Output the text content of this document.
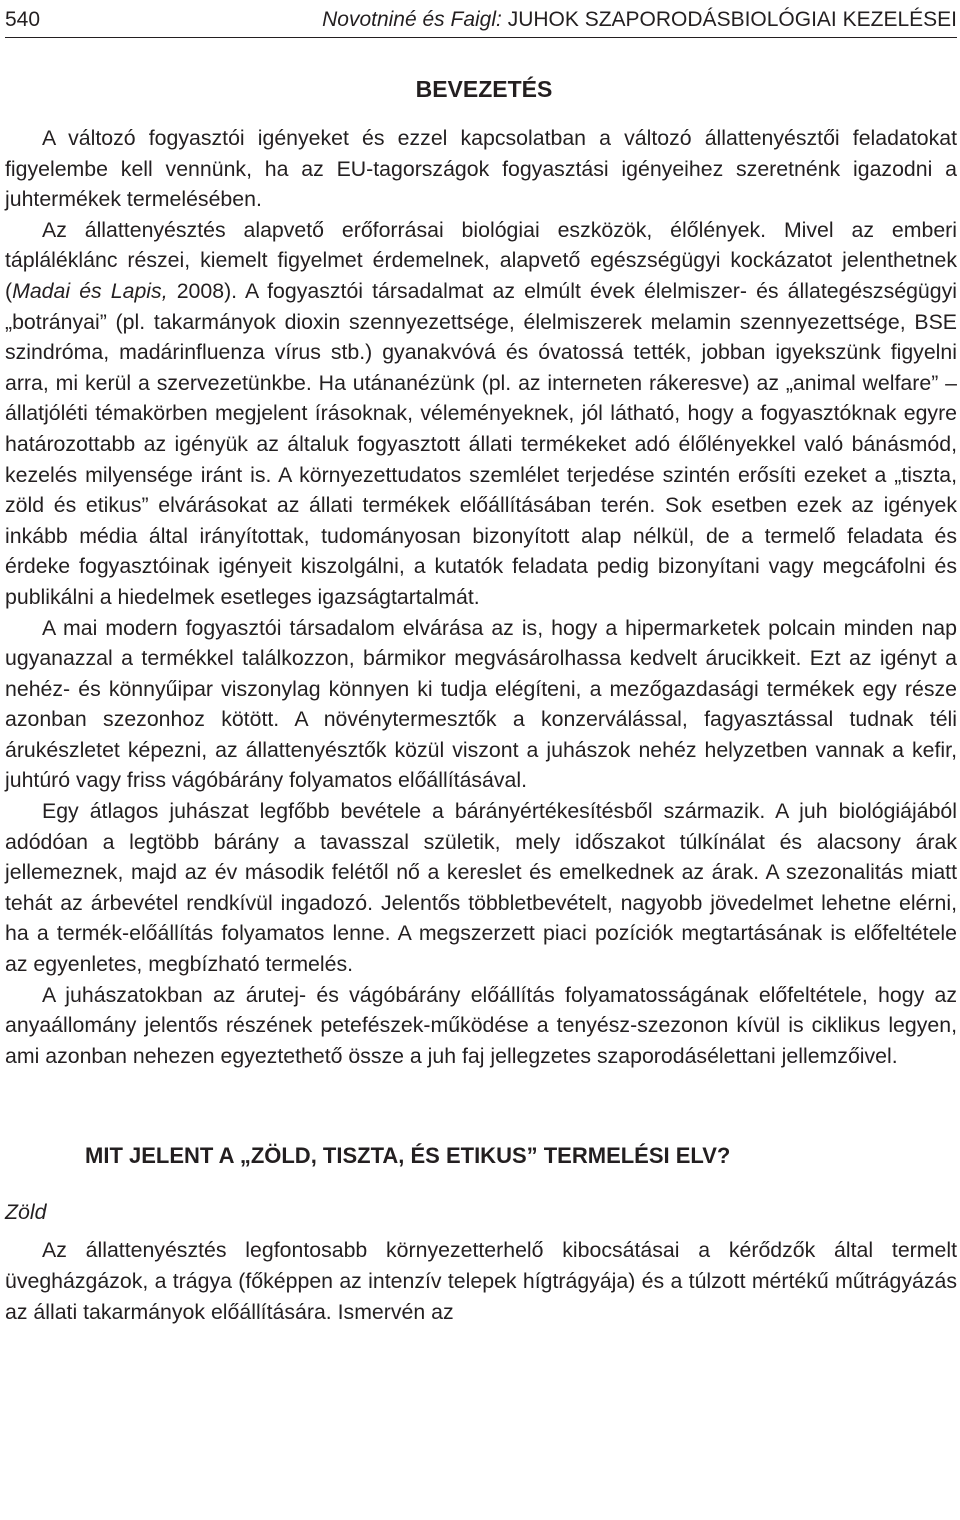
540	Novotniné és Faigl: JUHOK SZAPORODÁSBIOLÓGIAI KEZELÉSEI
BEVEZETÉS

A változó fogyasztói igényeket és ezzel kapcsolatban a változó állattenyésztői feladatokat figyelembe kell vennünk, ha az EU-tagországok fogyasztási igényeihez szeretnénk igazodni a juhtermékek termelésében.

Az állattenyésztés alapvető erőforrásai biológiai eszközök, élőlények. Mivel az emberi tápláléklánc részei, kiemelt figyelmet érdemelnek, alapvető egészségügyi kockázatot jelenthetnek (Madai és Lapis, 2008). A fogyasztói társadalmat az elmúlt évek élelmiszer- és állategészségügyi „botrányai” (pl. takarmányok dioxin szennyezettsége, élelmiszerek melamin szennyezettsége, BSE szindróma, madárinfluenza vírus stb.) gyanakvóvá és óvatossá tették, jobban igyekszünk figyelni arra, mi kerül a szervezetünkbe. Ha utánanézünk (pl. az interneten rákeresve) az „animal welfare” – állatjóléti témakörben megjelent írásoknak, véleményeknek, jól látható, hogy a fogyasztóknak egyre határozottabb az igényük az általuk fogyasztott állati termékeket adó élőlényekkel való bánásmód, kezelés milyensége iránt is. A környezettudatos szemlélet terjedése szintén erősíti ezeket a „tiszta, zöld és etikus” elvárásokat az állati termékek előállításában terén. Sok esetben ezek az igények inkább média által irányítottak, tudományosan bizonyított alap nélkül, de a termelő feladata és érdeke fogyasztóinak igényeit kiszolgálni, a kutatók feladata pedig bizonyítani vagy megcáfolni és publikálni a hiedelmek esetleges igazságtartalmát.

A mai modern fogyasztói társadalom elvárása az is, hogy a hipermarketek polcain minden nap ugyanazzal a termékkel találkozzon, bármikor megvásárolhassa kedvelt árucikkeit. Ezt az igényt a nehéz- és könnyűipar viszonylag könnyen ki tudja elégíteni, a mezőgazdasági termékek egy része azonban szezonhoz kötött. A növénytermesztők a konzerválással, fagyasztással tudnak téli árukészletet képezni, az állattenyésztők közül viszont a juhászok nehéz helyzetben vannak a kefir, juhtúró vagy friss vágóbárány folyamatos előállításával.

Egy átlagos juhászat legfőbb bevétele a bárányértékesítésből származik. A juh biológiájából adódóan a legtöbb bárány a tavasszal születik, mely időszakot túlkínálat és alacsony árak jellemeznek, majd az év második felétől nő a kereslet és emelkednek az árak. A szezonalitás miatt tehát az árbevétel rendkívül ingadozó. Jelentős többletbevételt, nagyobb jövedelmet lehetne elérni, ha a termék-előállítás folyamatos lenne. A megszerzett piaci pozíciók megtartásának is előfeltétele az egyenletes, megbízható termelés.

A juhászatokban az árutej- és vágóbárány előállítás folyamatosságának előfeltétele, hogy az anyaállomány jelentős részének petefészek-működése a tenyész-szezonon kívül is ciklikus legyen, ami azonban nehezen egyeztethető össze a juh faj jellegzetes szaporodásélettani jellemzőivel.

MIT JELENT A „ZÖLD, TISZTA, ÉS ETIKUS” TERMELÉSI ELV?
Zöld

Az állattenyésztés legfontosabb környezetterhelő kibocsátásai a kérődzők által termelt üvegházgázok, a trágya (főképpen az intenzív telepek hígtrágyája) és a túlzott mértékű műtrágyázás az állati takarmányok előállítására. Ismervén az
